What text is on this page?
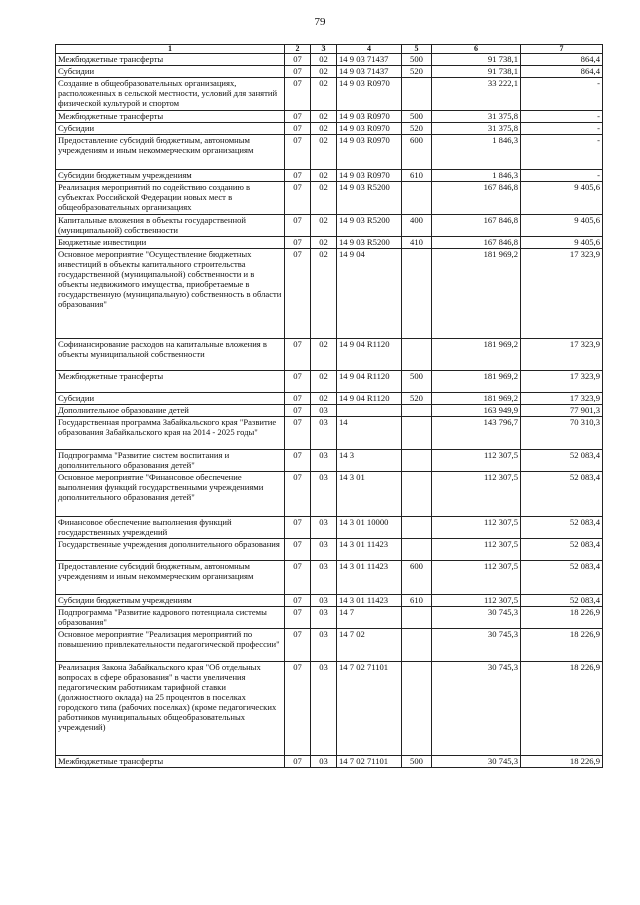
79
1	2	3	4	5	6	7
Межбюджетные трансферты	07	02	14 9 03 71437	500	91 738,1	864,4
Субсидии	07	02	14 9 03 71437	520	91 738,1	864,4
Создание в общеобразовательных организациях, расположенных в сельской местности, условий для занятий физической культурой и спортом	07	02	14 9 03 R0970		33 222,1	-
Межбюджетные трансферты	07	02	14 9 03 R0970	500	31 375,8	-
Субсидии	07	02	14 9 03 R0970	520	31 375,8	-
Предоставление субсидий бюджетным, автономным учреждениям и иным некоммерческим организациям	07	02	14 9 03 R0970	600	1 846,3	-
Субсидии бюджетным учреждениям	07	02	14 9 03 R0970	610	1 846,3	-
Реализация мероприятий по содействию созданию в субъектах Российской Федерации новых мест в общеобразовательных организациях	07	02	14 9 03 R5200		167 846,8	9 405,6
Капитальные вложения в объекты государственной (муниципальной) собственности	07	02	14 9 03 R5200	400	167 846,8	9 405,6
Бюджетные инвестиции	07	02	14 9 03 R5200	410	167 846,8	9 405,6
Основное мероприятие "Осуществление бюджетных инвестиций в объекты капитального строительства государственной (муниципальной) собственности и в объекты недвижимого имущества, приобретаемые в государственную (муниципальную) собственность в области образования"	07	02	14 9 04		181 969,2	17 323,9
Софинансирование расходов на капитальные вложения в объекты муниципальной собственности	07	02	14 9 04 R1120		181 969,2	17 323,9
Межбюджетные трансферты	07	02	14 9 04 R1120	500	181 969,2	17 323,9
Субсидии	07	02	14 9 04 R1120	520	181 969,2	17 323,9
Дополнительное образование детей	07	03			163 949,9	77 901,3
Государственная программа Забайкальского края "Развитие образования Забайкальского края на 2014 - 2025 годы"	07	03	14		143 796,7	70 310,3
Подпрограмма "Развитие систем воспитания и дополнительного образования детей"	07	03	14 3		112 307,5	52 083,4
Основное мероприятие "Финансовое обеспечение выполнения функций государственными учреждениями дополнительного образования детей"	07	03	14 3 01		112 307,5	52 083,4
Финансовое обеспечение выполнения функций государственных учреждений	07	03	14 3 01 10000		112 307,5	52 083,4
Государственные учреждения дополнительного образования	07	03	14 3 01 11423		112 307,5	52 083,4
Предоставление субсидий бюджетным, автономным учреждениям и иным некоммерческим организациям	07	03	14 3 01 11423	600	112 307,5	52 083,4
Субсидии бюджетным учреждениям	07	03	14 3 01 11423	610	112 307,5	52 083,4
Подпрограмма "Развитие кадрового потенциала системы образования"	07	03	14 7		30 745,3	18 226,9
Основное мероприятие "Реализация мероприятий по повышению привлекательности педагогической профессии"	07	03	14 7 02		30 745,3	18 226,9
Реализация Закона Забайкальского края "Об отдельных вопросах в сфере образования" в части увеличения педагогическим работникам тарифной ставки (должностного оклада) на 25 процентов в поселках городского типа (рабочих поселках) (кроме педагогических работников муниципальных общеобразовательных учреждений)	07	03	14 7 02 71101		30 745,3	18 226,9
Межбюджетные трансферты	07	03	14 7 02 71101	500	30 745,3	18 226,9
